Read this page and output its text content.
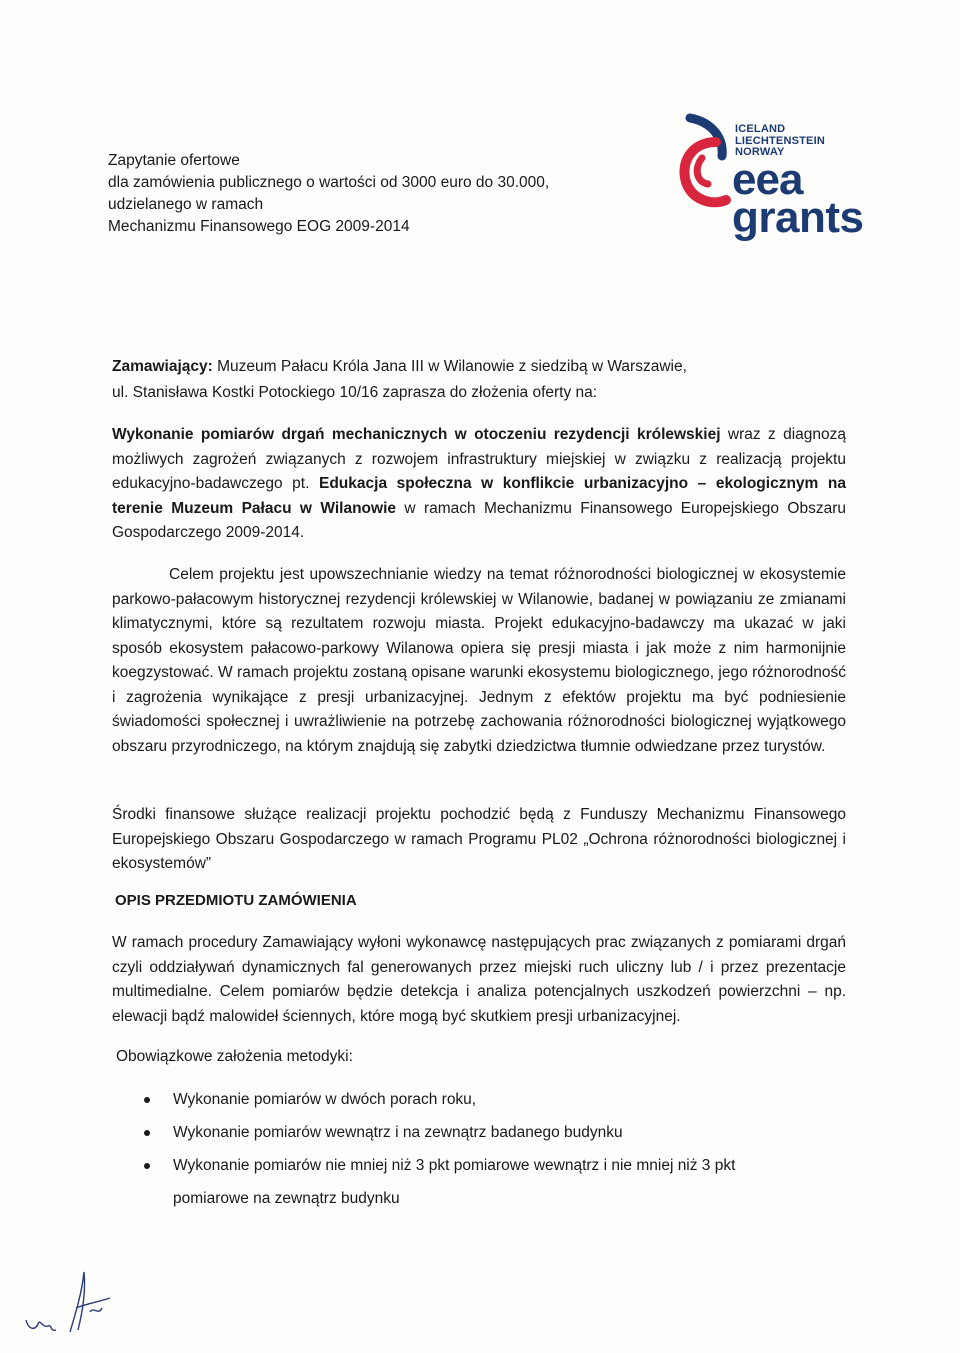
Zapytanie ofertowe
dla zamówienia publicznego o wartości od 3000 euro do 30.000,
udzielanego w ramach
Mechanizmu Finansowego EOG 2009-2014
ICELAND
LIECHTENSTEIN
NORWAY
eea
grants
Zamawiający: Muzeum Pałacu Króla Jana III w Wilanowie z siedzibą w Warszawie,
ul. Stanisława Kostki Potockiego 10/16 zaprasza do złożenia oferty na:
Wykonanie pomiarów drgań mechanicznych w otoczeniu rezydencji królewskiej wraz z diagnozą możliwych zagrożeń związanych z rozwojem infrastruktury miejskiej w związku z realizacją projektu edukacyjno-badawczego pt. Edukacja społeczna w konflikcie urbanizacyjno – ekologicznym na terenie Muzeum Pałacu w Wilanowie w ramach Mechanizmu Finansowego Europejskiego Obszaru Gospodarczego 2009-2014.
Celem projektu jest upowszechnianie wiedzy na temat różnorodności biologicznej w ekosystemie parkowo-pałacowym historycznej rezydencji królewskiej w Wilanowie, badanej w powiązaniu ze zmianami klimatycznymi, które są rezultatem rozwoju miasta. Projekt edukacyjno-badawczy ma ukazać w jaki sposób ekosystem pałacowo-parkowy Wilanowa opiera się presji miasta i jak może z nim harmonijnie koegzystować. W ramach projektu zostaną opisane warunki ekosystemu biologicznego, jego różnorodność i zagrożenia wynikające z presji urbanizacyjnej. Jednym z efektów projektu ma być podniesienie świadomości społecznej i uwrażliwienie na potrzebę zachowania różnorodności biologicznej wyjątkowego obszaru przyrodniczego, na którym znajdują się zabytki dziedzictwa tłumnie odwiedzane przez turystów.
Środki finansowe służące realizacji projektu pochodzić będą z Funduszy Mechanizmu Finansowego Europejskiego Obszaru Gospodarczego w ramach Programu PL02 „Ochrona różnorodności biologicznej i ekosystemów”
OPIS PRZEDMIOTU ZAMÓWIENIA
W ramach procedury Zamawiający wyłoni wykonawcę następujących prac związanych z pomiarami drgań czyli oddziaływań dynamicznych fal generowanych przez miejski ruch uliczny lub / i przez prezentacje multimedialne. Celem pomiarów będzie detekcja i analiza potencjalnych uszkodzeń powierzchni – np. elewacji bądź malowideł ściennych, które mogą być skutkiem presji urbanizacyjnej.
Obowiązkowe założenia metodyki:
Wykonanie pomiarów w dwóch porach roku,
Wykonanie pomiarów wewnątrz i na zewnątrz badanego budynku
Wykonanie pomiarów nie mniej niż 3 pkt pomiarowe wewnątrz i nie mniej niż 3 pkt
pomiarowe na zewnątrz budynku
